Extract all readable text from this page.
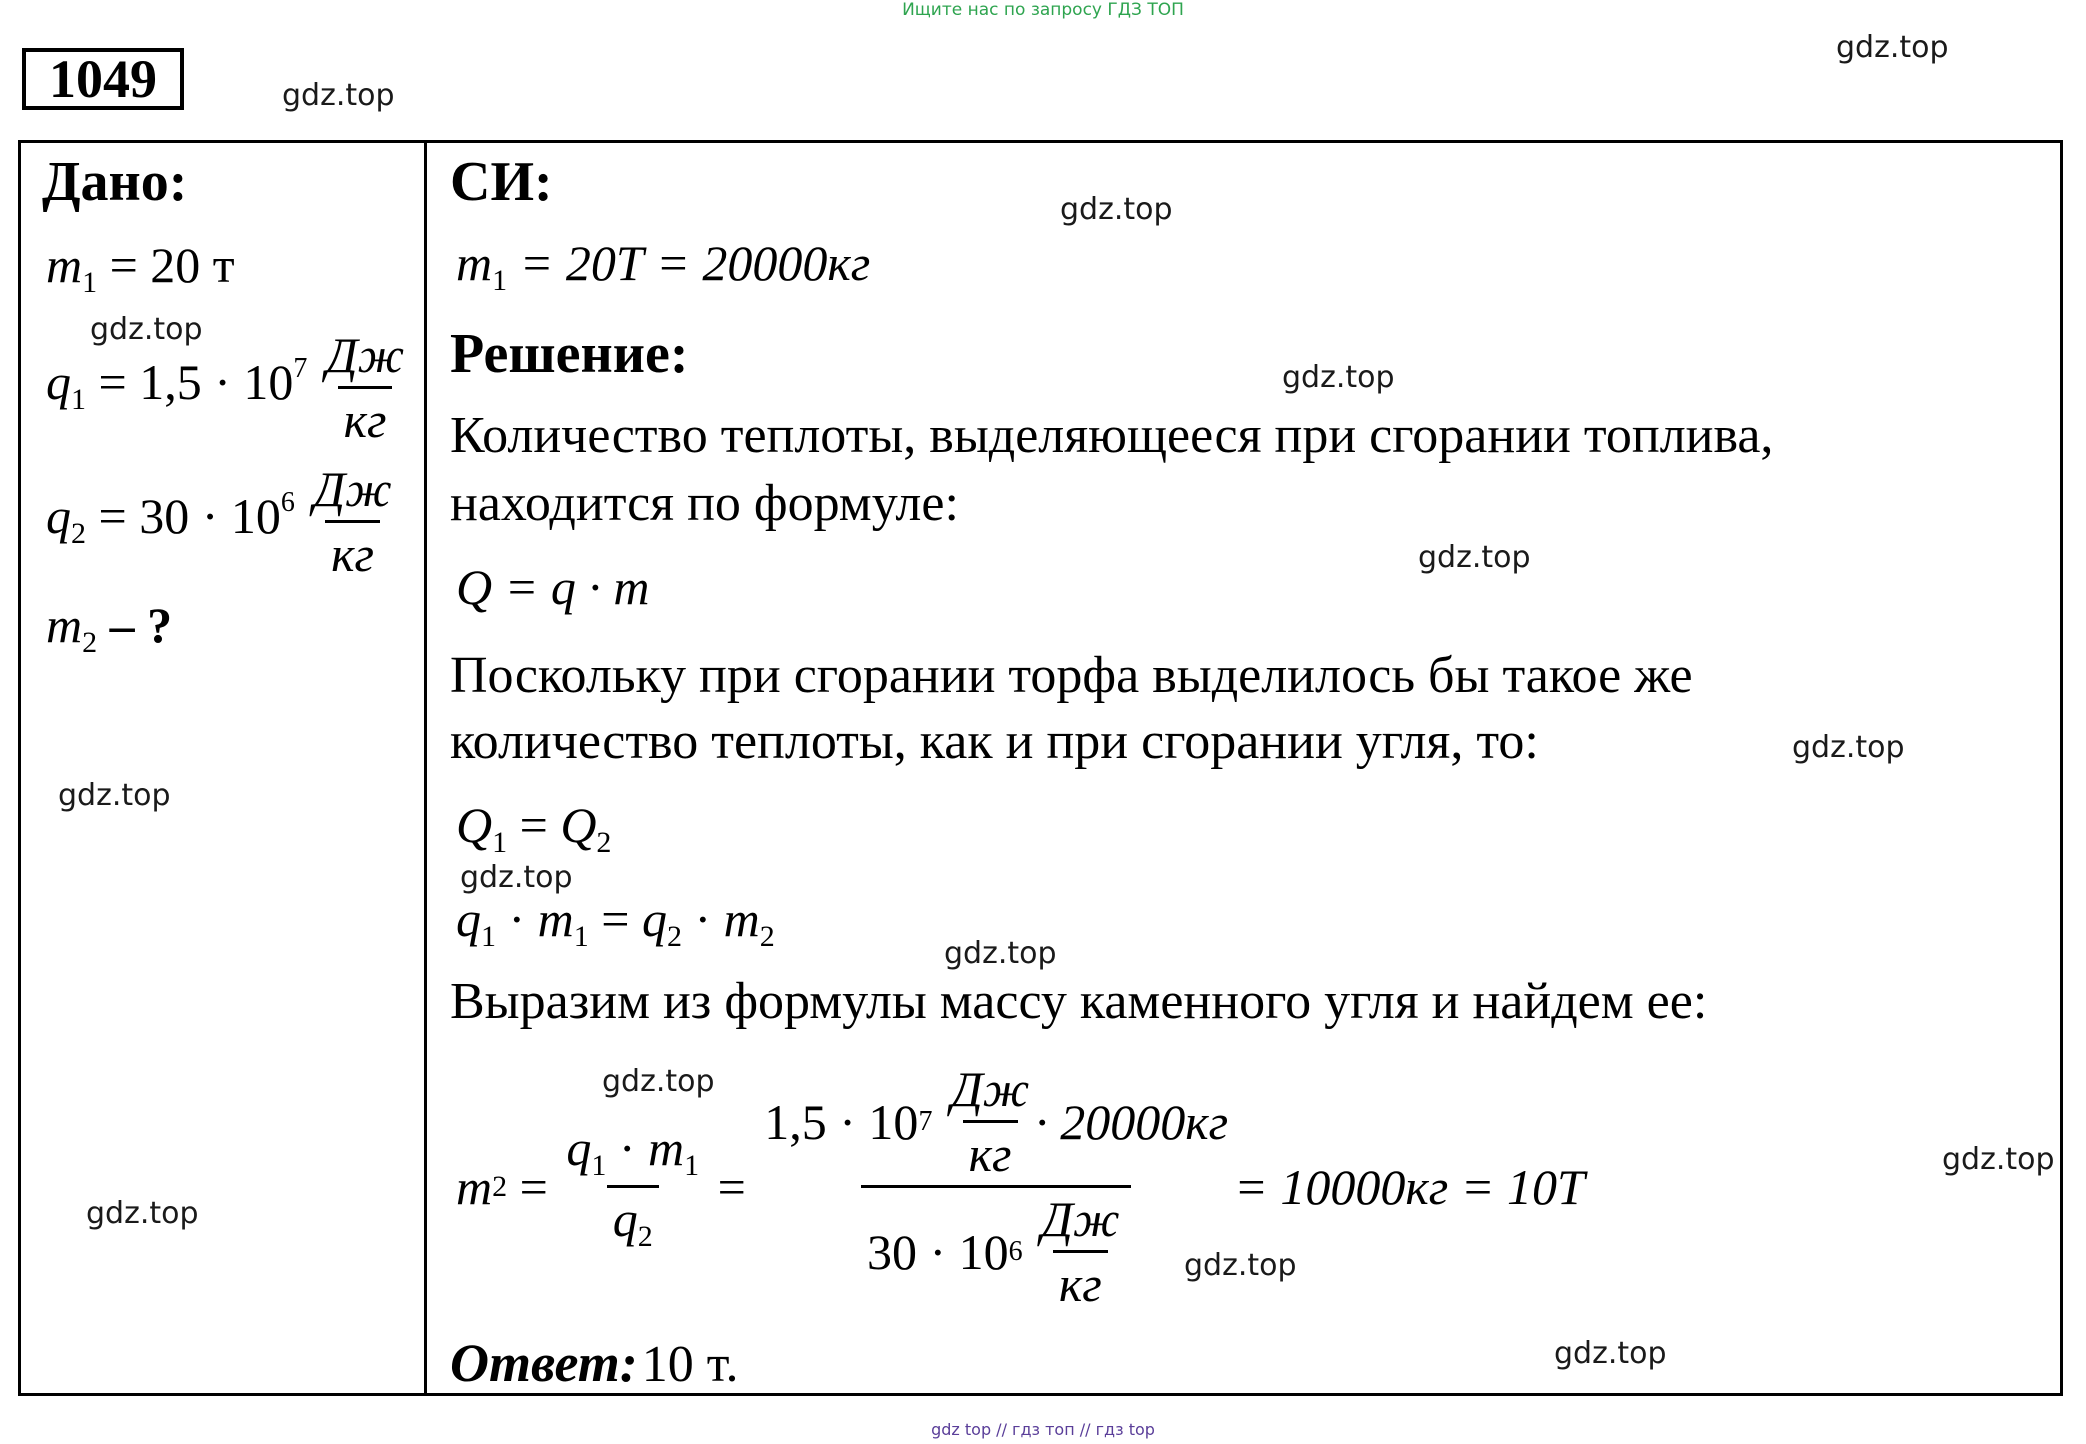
Ищите нас по запросу ГДЗ ТОП
1049	gdz.top
gdz.top
gdz.top
gdz.top
gdz.top
gdz.top
gdz.top
gdz.top
gdz.top
gdz.top
gdz.top
gdz.top
gdz.top
gdz.top
gdz.top
Дано:
$m_1 = 20$ т
$q_1 = 1,5 \cdot 10^7 \frac{Дж}{кг}$
$q_2 = 30 \cdot 10^6 \frac{Дж}{кг}$
$m_2$ – ?
СИ:
$m_1 = 20Т = 20000кг$
Решение:
Количество теплоты, выделяющееся при сгорании топлива,
находится по формуле:
Q = q · m
Поскольку при сгорании торфа выделилось бы такое же
количество теплоты, как и при сгорании угля, то:
$Q_1 = Q_2$
$q_1 \cdot m_1 = q_2 \cdot m_2$
Выразим из формулы массу каменного угля и найдем ее:
m $2 = \frac{q_1 \cdot m_1}{q_2}$ =
1,5 · 10 7
$\frac{Дж}{кг} \cdot 20000кг$
30 · 10 6
$\frac{Дж}{кг}$
= 10000кг = 10Т
Ответ: 10 т.
gdz top // гдз топ // гдз top
